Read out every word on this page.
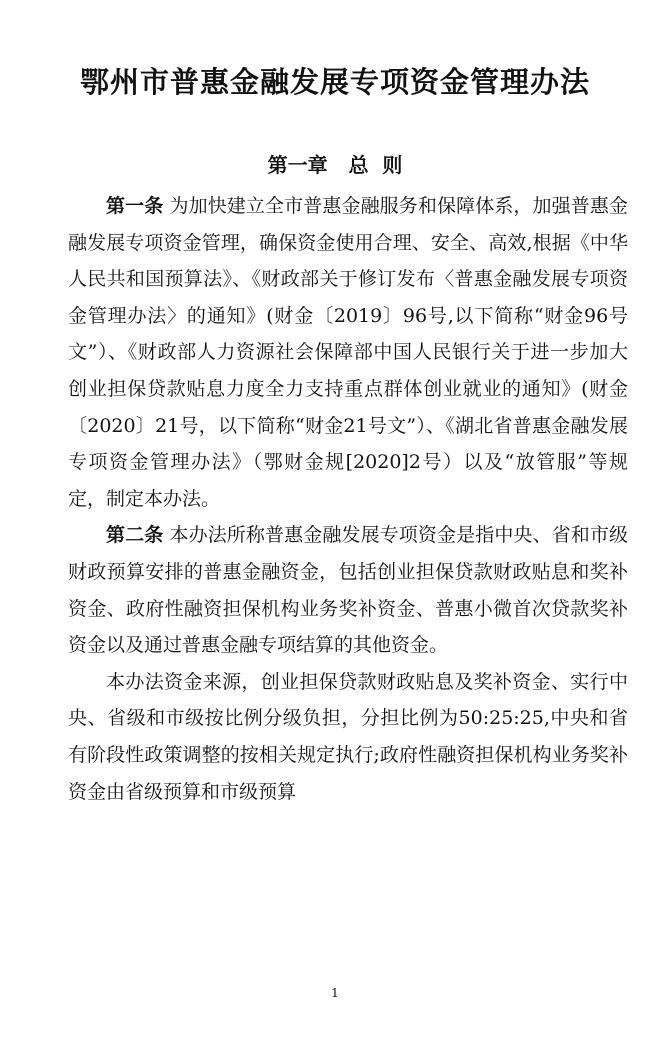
鄂州市普惠金融发展专项资金管理办法
第一章   总  则

第一条 为加快建立全市普惠金融服务和保障体系，加强普惠金融发展专项资金管理，确保资金使用合理、安全、高效,根据《中华人民共和国预算法》、《财政部关于修订发布〈普惠金融发展专项资金管理办法〉的通知》(财金〔2019〕96号,以下简称“财金96号文”）、《财政部人力资源社会保障部中国人民银行关于进一步加大创业担保贷款贴息力度全力支持重点群体创业就业的通知》(财金〔2020〕21号，以下简称“财金21号文”）、《湖北省普惠金融发展专项资金管理办法》（鄂财金规[2020]2号）以及“放管服”等规定，制定本办法。

第二条 本办法所称普惠金融发展专项资金是指中央、省和市级财政预算安排的普惠金融资金，包括创业担保贷款财政贴息和奖补资金、政府性融资担保机构业务奖补资金、普惠小微首次贷款奖补资金以及通过普惠金融专项结算的其他资金。

本办法资金来源，创业担保贷款财政贴息及奖补资金、实行中央、省级和市级按比例分级负担，分担比例为50:25:25,中央和省有阶段性政策调整的按相关规定执行;政府性融资担保机构业务奖补资金由省级预算和市级预算

1
